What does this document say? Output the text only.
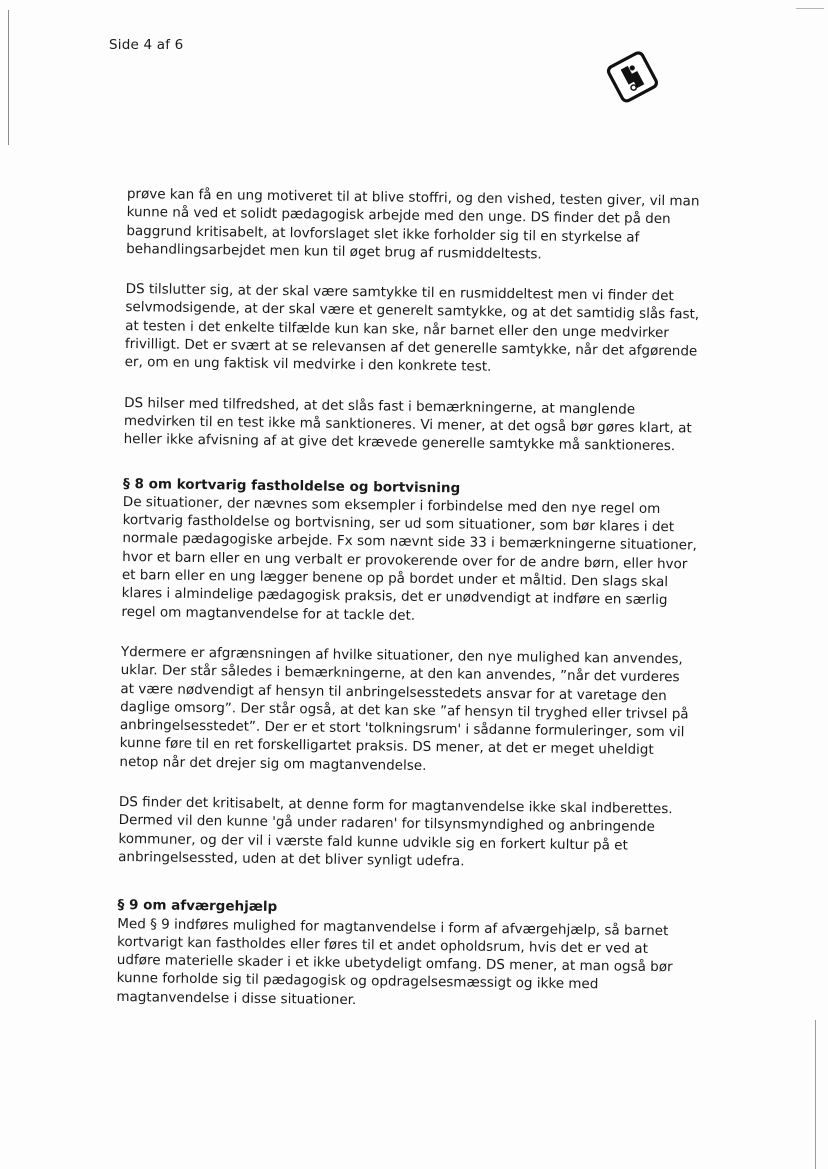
Side 4 af 6

prøve kan få en ung motiveret til at blive stoffri, og den vished, testen giver, vil man kunne nå ved et solidt pædagogisk arbejde med den unge. DS finder det på den baggrund kritisabelt, at lovforslaget slet ikke forholder sig til en styrkelse af behandlingsarbejdet men kun til øget brug af rusmiddeltests.

DS tilslutter sig, at der skal være samtykke til en rusmiddeltest men vi finder det selvmodsigende, at der skal være et generelt samtykke, og at det samtidig slås fast, at testen i det enkelte tilfælde kun kan ske, når barnet eller den unge medvirker frivilligt. Det er svært at se relevansen af det generelle samtykke, når det afgørende er, om en ung faktisk vil medvirke i den konkrete test.

DS hilser med tilfredshed, at det slås fast i bemærkningerne, at manglende medvirken til en test ikke må sanktioneres. Vi mener, at det også bør gøres klart, at heller ikke afvisning af at give det krævede generelle samtykke må sanktioneres.

§ 8 om kortvarig fastholdelse og bortvisning

De situationer, der nævnes som eksempler i forbindelse med den nye regel om kortvarig fastholdelse og bortvisning, ser ud som situationer, som bør klares i det normale pædagogiske arbejde. Fx som nævnt side 33 i bemærkningerne situationer, hvor et barn eller en ung verbalt er provokerende over for de andre børn, eller hvor et barn eller en ung lægger benene op på bordet under et måltid. Den slags skal klares i almindelige pædagogisk praksis, det er unødvendigt at indføre en særlig regel om magtanvendelse for at tackle det.

Ydermere er afgrænsningen af hvilke situationer, den nye mulighed kan anvendes, uklar. Der står således i bemærkningerne, at den kan anvendes, ”når det vurderes at være nødvendigt af hensyn til anbringelsesstedets ansvar for at varetage den daglige omsorg”. Der står også, at det kan ske ”af hensyn til tryghed eller trivsel på anbringelsesstedet”. Der er et stort 'tolkningsrum' i sådanne formuleringer, som vil kunne føre til en ret forskelligartet praksis. DS mener, at det er meget uheldigt netop når det drejer sig om magtanvendelse.

DS finder det kritisabelt, at denne form for magtanvendelse ikke skal indberettes. Dermed vil den kunne 'gå under radaren' for tilsynsmyndighed og anbringende kommuner, og der vil i værste fald kunne udvikle sig en forkert kultur på et anbringelsessted, uden at det bliver synligt udefra.

§ 9 om afværgehjælp

Med § 9 indføres mulighed for magtanvendelse i form af afværgehjælp, så barnet kortvarigt kan fastholdes eller føres til et andet opholdsrum, hvis det er ved at udføre materielle skader i et ikke ubetydeligt omfang. DS mener, at man også bør kunne forholde sig til pædagogisk og opdragelsesmæssigt og ikke med magtanvendelse i disse situationer.
